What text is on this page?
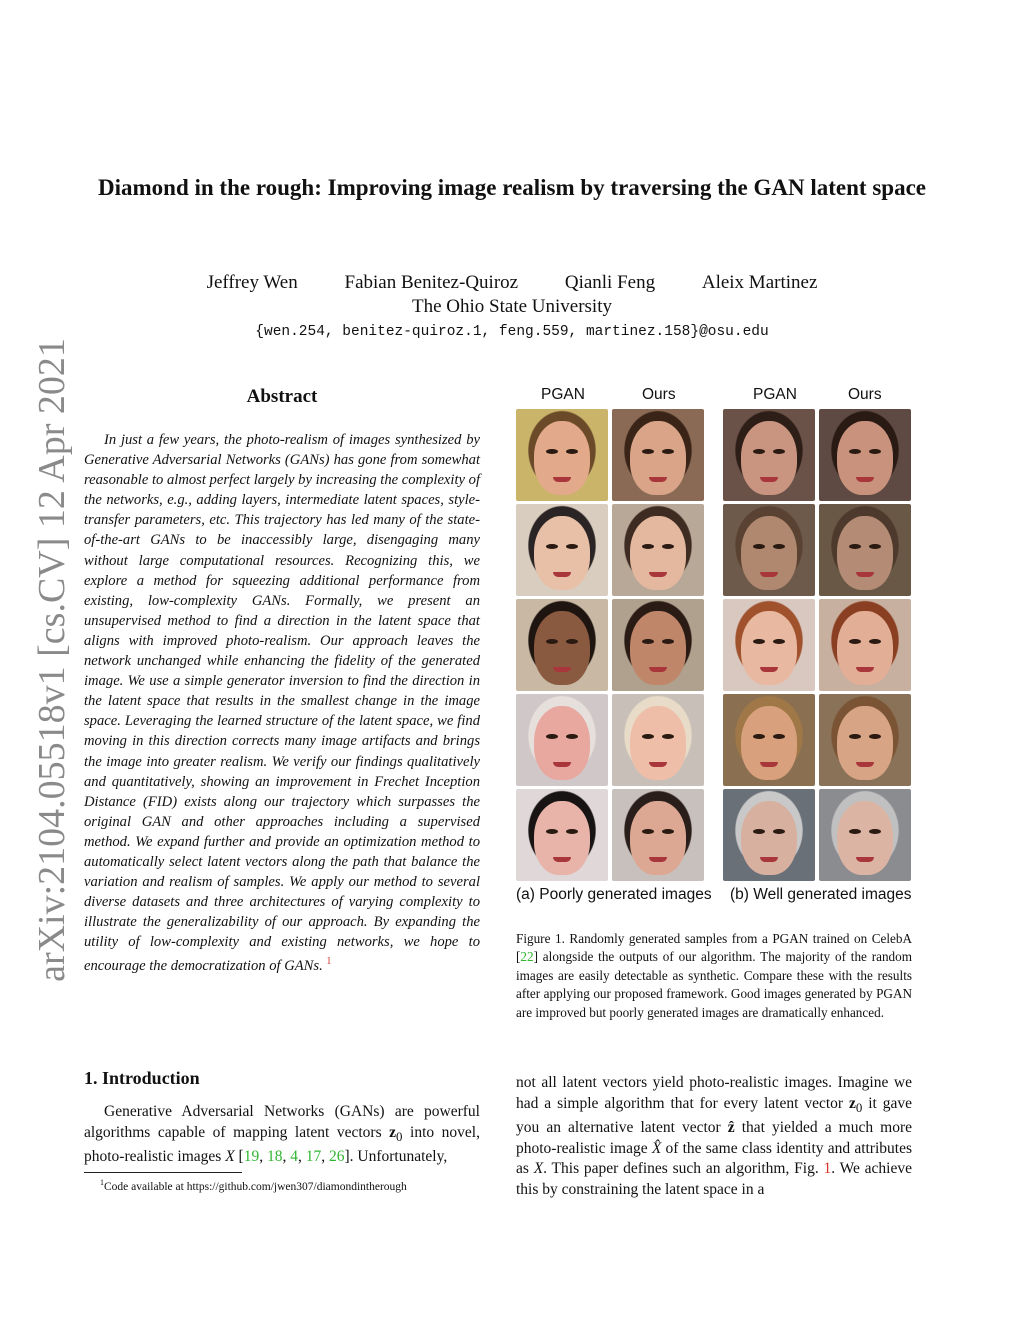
arXiv:2104.05518v1 [cs.CV] 12 Apr 2021
Diamond in the rough: Improving image realism by traversing the GAN latent space
Jeffrey Wen Fabian Benitez-Quiroz Qianli Feng Aleix Martinez
The Ohio State University
{wen.254, benitez-quiroz.1, feng.559, martinez.158}@osu.edu
Abstract

In just a few years, the photo-realism of images synthesized by Generative Adversarial Networks (GANs) has gone from somewhat reasonable to almost perfect largely by increasing the complexity of the networks, e.g., adding layers, intermediate latent spaces, style-transfer parameters, etc. This trajectory has led many of the state-of-the-art GANs to be inaccessibly large, disengaging many without large computational resources. Recognizing this, we explore a method for squeezing additional performance from existing, low-complexity GANs. Formally, we present an unsupervised method to find a direction in the latent space that aligns with improved photo-realism. Our approach leaves the network unchanged while enhancing the fidelity of the generated image. We use a simple generator inversion to find the direction in the latent space that results in the smallest change in the image space. Leveraging the learned structure of the latent space, we find moving in this direction corrects many image artifacts and brings the image into greater realism. We verify our findings qualitatively and quantitatively, showing an improvement in Frechet Inception Distance (FID) exists along our trajectory which surpasses the original GAN and other approaches including a supervised method. We expand further and provide an optimization method to automatically select latent vectors along the path that balance the variation and realism of samples. We apply our method to several diverse datasets and three architectures of varying complexity to illustrate the generalizability of our approach. By expanding the utility of low-complexity and existing networks, we hope to encourage the democratization of GANs. $^1$

1. Introduction

Generative Adversarial Networks (GANs) are powerful algorithms capable of mapping latent vectors $z_0$ into novel, photo-realistic images X [19, 18, 4, 17, 26]. Unfortunately,

$^1$Code available at https://github.com/jwen307/diamondintherough

not all latent vectors yield photo-realistic images. Imagine we had a simple algorithm that for every latent vector $z_0$ it gave you an alternative latent vector ẑ that yielded a much more photo-realistic image X̂ of the same class identity and attributes as X. This paper defines such an algorithm, Fig. 1. We achieve this by constraining the latent space in a

PGAN	Ours	PGAN	Ours
(a) Poorly generated images (b) Well generated images

Figure 1. Randomly generated samples from a PGAN trained on CelebA [22] alongside the outputs of our algorithm. The majority of the random images are easily detectable as synthetic. Compare these with the results after applying our proposed framework. Good images generated by PGAN are improved but poorly generated images are dramatically enhanced.
